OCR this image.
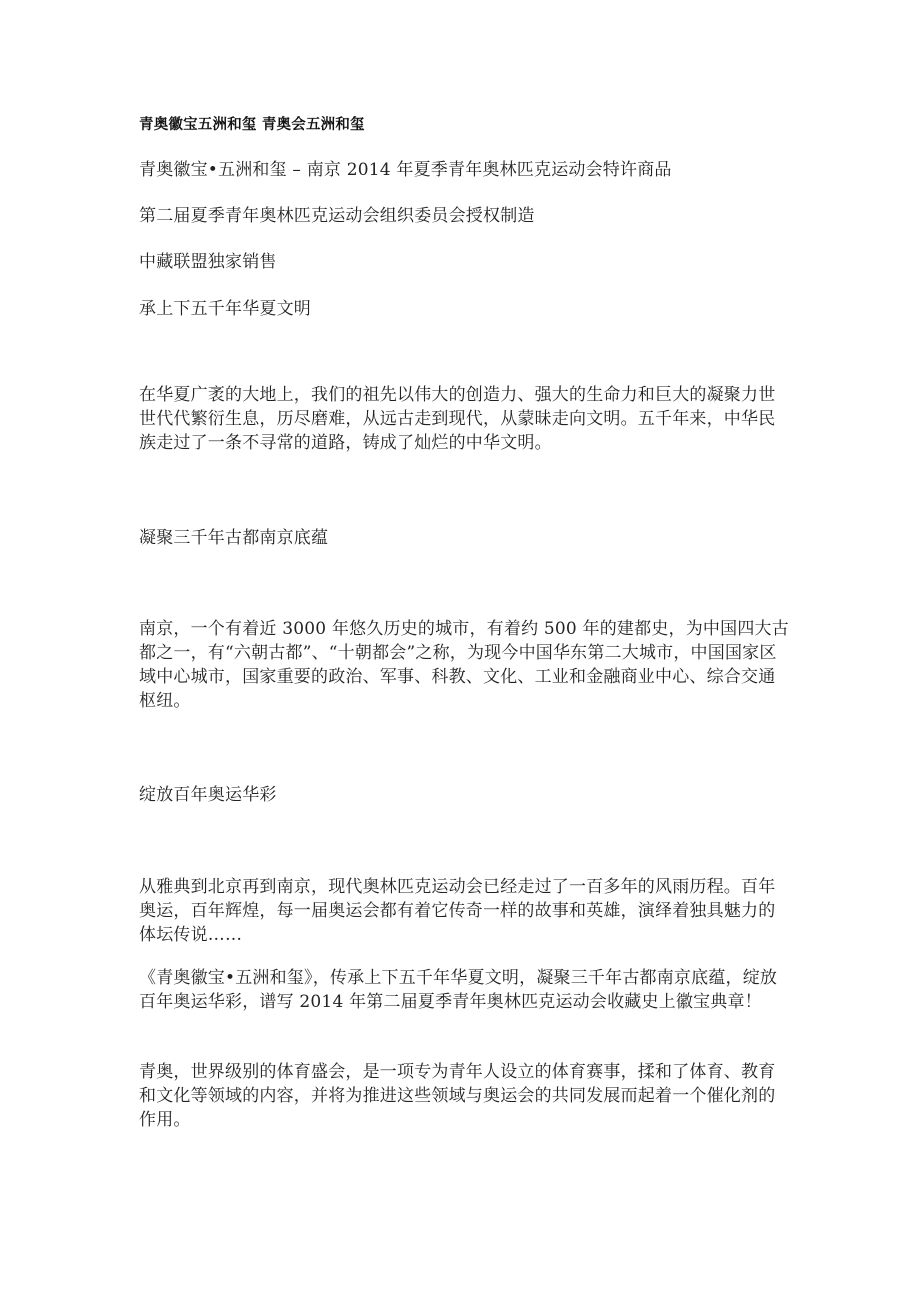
青奥徽宝五洲和玺 青奥会五洲和玺

青奥徽宝•五洲和玺 – 南京 2014 年夏季青年奥林匹克运动会特许商品

第二届夏季青年奥林匹克运动会组织委员会授权制造

中藏联盟独家销售

承上下五千年华夏文明

在华夏广袤的大地上，我们的祖先以伟大的创造力、强大的生命力和巨大的凝聚力世世代代繁衍生息，历尽磨难，从远古走到现代，从蒙昧走向文明。五千年来，中华民族走过了一条不寻常的道路，铸成了灿烂的中华文明。

凝聚三千年古都南京底蕴

南京，一个有着近 3000 年悠久历史的城市，有着约 500 年的建都史，为中国四大古都之一，有“六朝古都”、“十朝都会”之称，为现今中国华东第二大城市，中国国家区域中心城市，国家重要的政治、军事、科教、文化、工业和金融商业中心、综合交通枢纽。

绽放百年奥运华彩

从雅典到北京再到南京，现代奥林匹克运动会已经走过了一百多年的风雨历程。百年奥运，百年辉煌，每一届奥运会都有着它传奇一样的故事和英雄，演绎着独具魅力的体坛传说……

《青奥徽宝•五洲和玺》，传承上下五千年华夏文明，凝聚三千年古都南京底蕴，绽放百年奥运华彩，谱写 2014 年第二届夏季青年奥林匹克运动会收藏史上徽宝典章！

青奥，世界级别的体育盛会，是一项专为青年人设立的体育赛事，揉和了体育、教育和文化等领域的内容，并将为推进这些领域与奥运会的共同发展而起着一个催化剂的作用。
